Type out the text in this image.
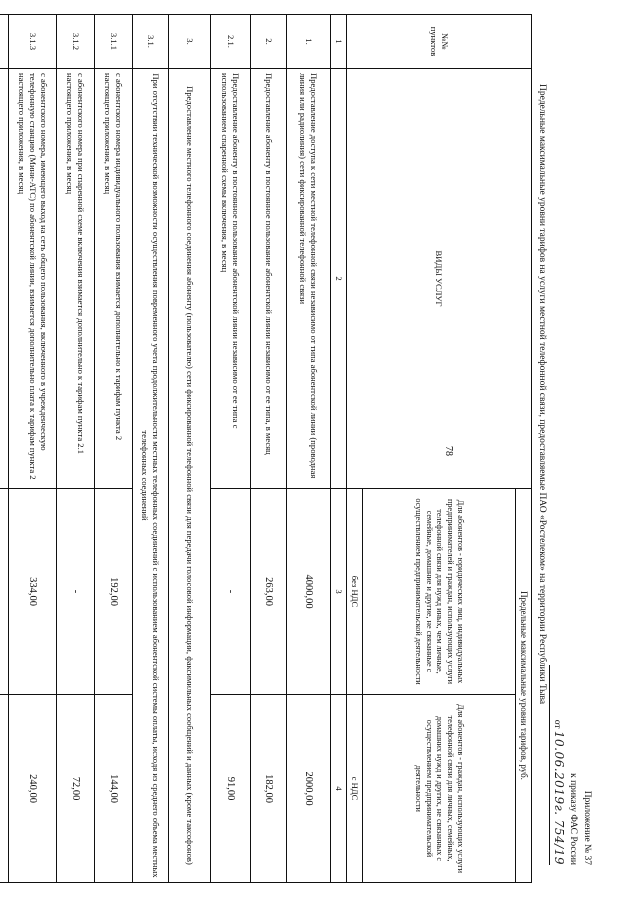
78
Приложение № 37
к приказу ФАС России
от 10.06.2019г. 754/19
Предельные максимальные уровни тарифов на услуги местной телефонной связи, предоставляемые ПАО «Ростелеком» на территории Республики Тыва
№№ пунктов	ВИДЫ УСЛУГ	Предельные максимальные уровни тарифов, руб.	
		Для абонентов - юридических лиц, индивидуальных предпринимателей и граждан, использующих услуги телефонной связи для нужд иных, чем личные, семейные, домашние и другие, не связанные с осуществлением предпринимательской деятельности	Для абонентов - граждан, использующих услуги телефонной связи для личных, семейных, домашних нужд и других, не связанных с осуществлением предпринимательской деятельности
		без НДС	с НДС
1	2	3	4
1.	Предоставление доступа к сети местной телефонной связи независимо от типа абонентской линии (проводная линия или радиолиния) сети фиксированной телефонной связи	4000,00	2000,00
2.	Предоставление абоненту в постоянное пользование абонентской линии независимо от ее типа, в месяц	263,00	182,00
2.1.	Предоставление абоненту в постоянное пользование абонентской линии независимо от ее типа с использованием спаренной схемы включения, в месяц	-	91,00
3.	Предоставление местного телефонного соединения абоненту (пользователю) сети фиксированной телефонной связи для передачи голосовой информации, факсимильных сообщений и данных (кроме таксофонов)		
3.1.	При отсутствии технической возможности осуществления повременного учета продолжительности местных телефонных соединений с использованием абонентской системы оплаты, исходя из среднего объема местных телефонных соединений		
3.1.1	с абонентского номера индивидуального пользования взимается дополнительно к тарифам пункта 2 настоящего приложения, в месяц	192,00	144,00
3.1.2	с абонентского номера при спаренной схеме включения взимается дополнительно к тарифам пункта 2.1 настоящего приложения, в месяц	-	72,00
3.1.3	с абонентского номера, имеющего выход на сеть общего пользования, включенного в учрежденческую телефонную станцию (Мини-АТС) по абонентской линии, взимается дополнительно плата к тарифам пункта 2 настоящего приложения, в месяц	334,00	240,00
